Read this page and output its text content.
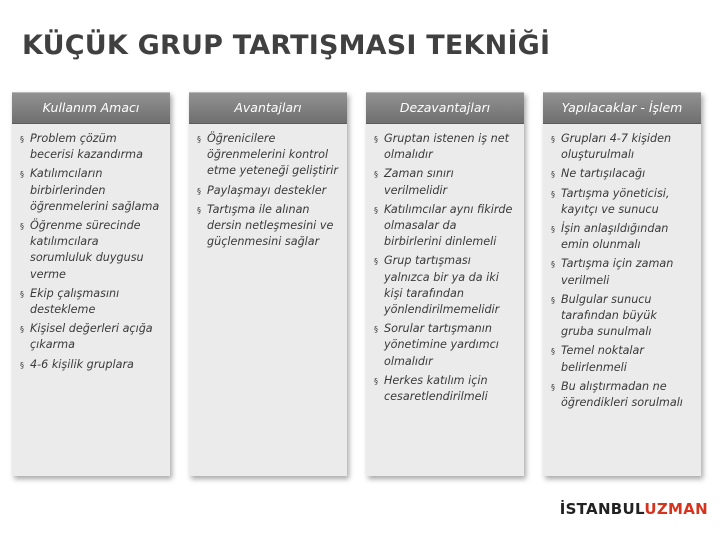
KÜÇÜK GRUP TARTIŞMASI TEKNİĞİ
Kullanım Amacı
§ Problem çözüm becerisi kazandırma
§ Katılımcıların birbirlerinden öğrenmelerini sağlama
§ Öğrenme sürecinde katılımcılara sorumluluk duygusu verme
§ Ekip çalışmasını destekleme
§ Kişisel değerleri açığa çıkarma
§ 4-6 kişilik gruplara
Avantajları
§ Öğrenicilere öğrenmelerini kontrol etme yeteneği geliştirir
§ Paylaşmayı destekler
§ Tartışma ile alınan dersin netleşmesini ve güçlenmesini sağlar
Dezavantajları
§ Gruptan istenen iş net olmalıdır
§ Zaman sınırı verilmelidir
§ Katılımcılar aynı fikirde olmasalar da birbirlerini dinlemeli
§ Grup tartışması yalnızca bir ya da iki kişi tarafından yönlendirilmemelidir
§ Sorular tartışmanın yönetimine yardımcı olmalıdır
§ Herkes katılım için cesaretlendirilmeli
Yapılacaklar - İşlem
§ Grupları 4-7 kişiden oluşturulmalı
§ Ne tartışılacağı
§ Tartışma yöneticisi, kayıtçı ve sunucu
§ İşin anlaşıldığından emin olunmalı
§ Tartışma için zaman verilmeli
§ Bulgular sunucu tarafından büyük gruba sunulmalı
§ Temel noktalar belirlenmeli
§ Bu alıştırmadan ne öğrendikleri sorulmalı
İSTANBULUZMAN
